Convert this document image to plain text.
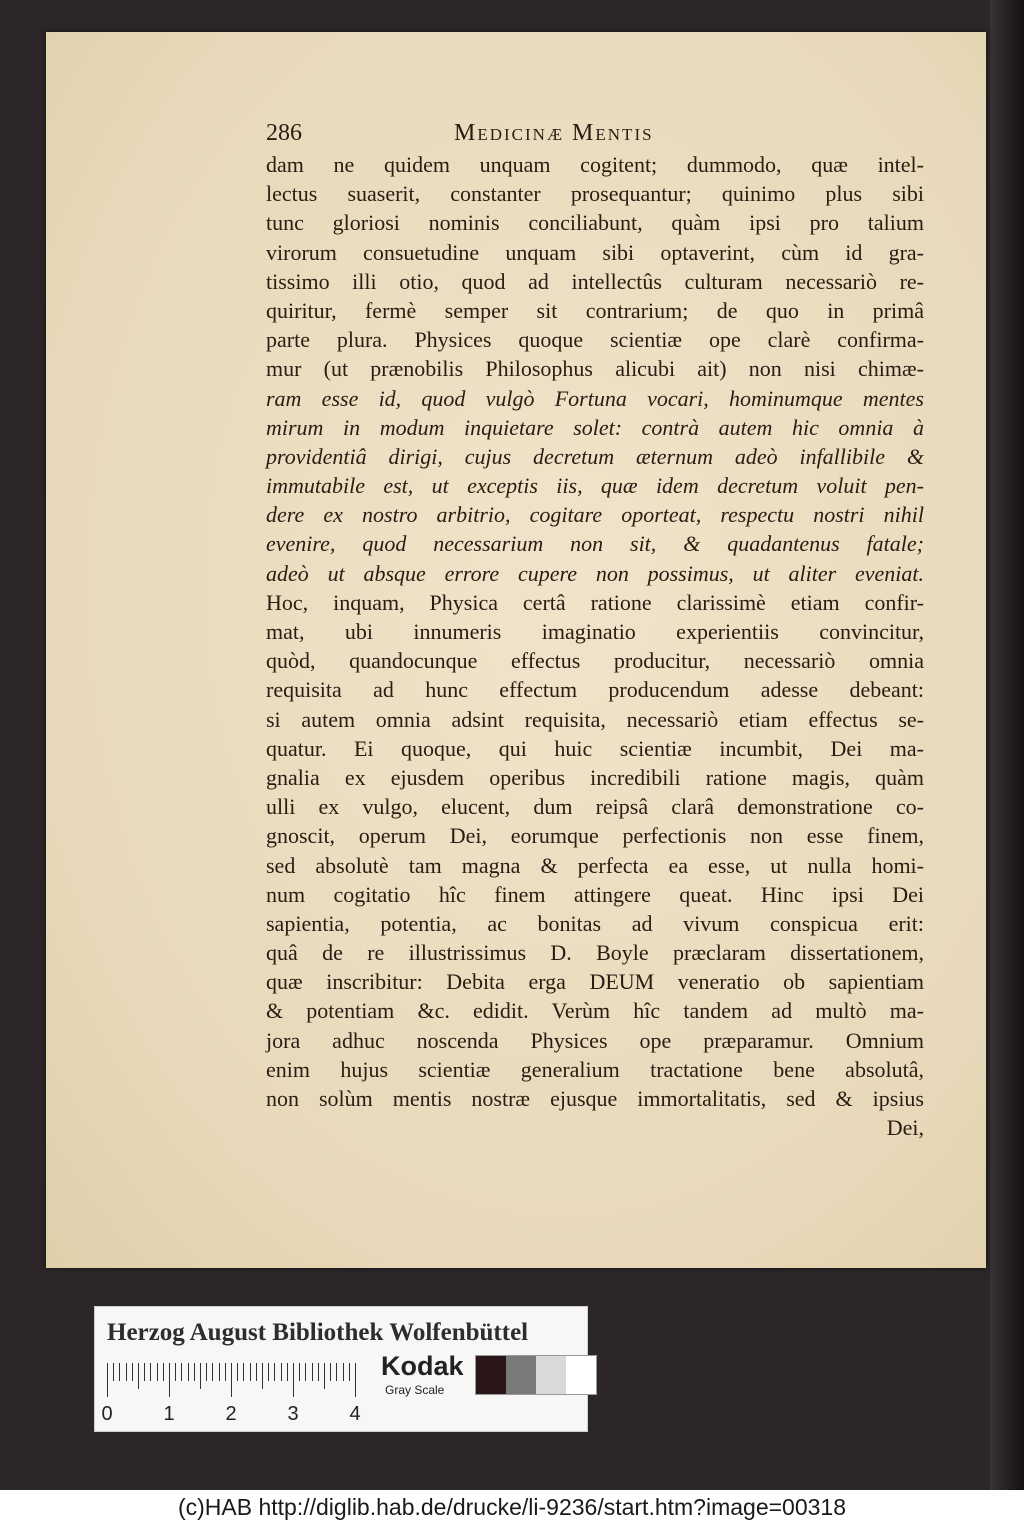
286	Medicinæ Mentis
dam ne quidem unquam cogitent; dummodo, quæ intel-
lectus suaserit, constanter prosequantur; quinimo plus sibi
tunc gloriosi nominis conciliabunt, quàm ipsi pro talium
virorum consuetudine unquam sibi optaverint, cùm id gra-
tissimo illi otio, quod ad intellectûs culturam necessariò re-
quiritur, fermè semper sit contrarium; de quo in primâ
parte plura. Physices quoque scientiæ ope clarè confirma-
mur (ut prænobilis Philosophus alicubi ait) non nisi chimæ-
ram esse id, quod vulgò Fortuna vocari, hominumque mentes
mirum in modum inquietare solet: contrà autem hic omnia à
providentiâ dirigi, cujus decretum æternum adeò infallibile &
immutabile est, ut exceptis iis, quæ idem decretum voluit pen-
dere ex nostro arbitrio, cogitare oporteat, respectu nostri nihil
evenire, quod necessarium non sit, & quadantenus fatale;
adeò ut absque errore cupere non possimus, ut aliter eveniat.
Hoc, inquam, Physica certâ ratione clarissimè etiam confir-
mat, ubi innumeris imaginatio experientiis convincitur,
quòd, quandocunque effectus producitur, necessariò omnia
requisita ad hunc effectum producendum adesse debeant:
si autem omnia adsint requisita, necessariò etiam effectus se-
quatur. Ei quoque, qui huic scientiæ incumbit, Dei ma-
gnalia ex ejusdem operibus incredibili ratione magis, quàm
ulli ex vulgo, elucent, dum reipsâ clarâ demonstratione co-
gnoscit, operum Dei, eorumque perfectionis non esse finem,
sed absolutè tam magna & perfecta ea esse, ut nulla homi-
num cogitatio hîc finem attingere queat. Hinc ipsi Dei
sapientia, potentia, ac bonitas ad vivum conspicua erit:
quâ de re illustrissimus D. Boyle præclaram dissertationem,
quæ inscribitur: Debita erga DEUM veneratio ob sapientiam
& potentiam &c. edidit. Verùm hîc tandem ad multò ma-
jora adhuc noscenda Physices ope præparamur. Omnium
enim hujus scientiæ generalium tractatione bene absolutâ,
non solùm mentis nostræ ejusque immortalitatis, sed & ipsius
Dei,
Herzog August Bibliothek Wolfenbüttel
0	1	2	3	4
Kodak
Gray Scale
(c)HAB http://diglib.hab.de/drucke/li-9236/start.htm?image=00318
